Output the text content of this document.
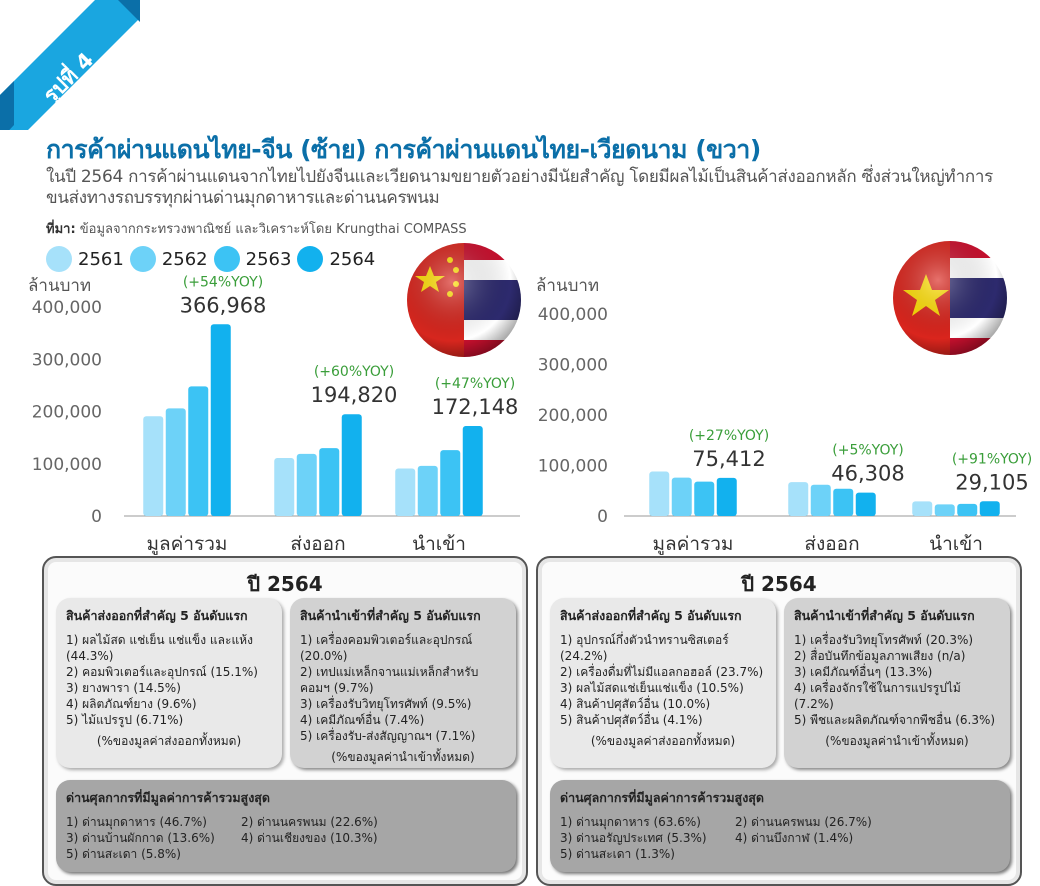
รูปที่ 4
การค้าผ่านแดนไทย-จีน (ซ้าย) การค้าผ่านแดนไทย-เวียดนาม (ขวา)
ในปี 2564 การค้าผ่านแดนจากไทยไปยังจีนและเวียดนามขยายตัวอย่างมีนัยสำคัญ โดยมีผลไม้เป็นสินค้าส่งออกหลัก ซึ่งส่วนใหญ่ทำการขนส่งทางรถบรรทุกผ่านด่านมุกดาหารและด่านนครพนม
ที่มา: ข้อมูลจากกระทรวงพาณิชย์ และวิเคราะห์โดย Krungthai COMPASS
2561 2562 2563 2564
ล้านบาท
0
100,000
200,000
300,000
400,000
มูลค่ารวม
366,968
(+54%YOY)
ส่งออก
194,820
(+60%YOY)
นำเข้า
172,148
(+47%YOY)
ล้านบาท
0
100,000
200,000
300,000
400,000
มูลค่ารวม
75,412
(+27%YOY)
ส่งออก
46,308
(+5%YOY)
นำเข้า
29,105
(+91%YOY)
ปี 2564
สินค้าส่งออกที่สำคัญ 5 อันดับแรก
1) ผลไม้สด แช่เย็น แช่แข็ง และแห้ง (44.3%)
2) คอมพิวเตอร์และอุปกรณ์ (15.1%)
3) ยางพารา (14.5%)
4) ผลิตภัณฑ์ยาง (9.6%)
5) ไม้แปรรูป (6.71%)
(%ของมูลค่าส่งออกทั้งหมด)
สินค้านำเข้าที่สำคัญ 5 อันดับแรก
1) เครื่องคอมพิวเตอร์และอุปกรณ์ (20.0%)
2) เทปแม่เหล็กจานแม่เหล็กสำหรับคอมฯ (9.7%)
3) เครื่องรับวิทยุโทรศัพท์ (9.5%)
4) เคมีภัณฑ์อื่น (7.4%)
5) เครื่องรับ-ส่งสัญญาณฯ (7.1%)
(%ของมูลค่านำเข้าทั้งหมด)
ด่านศุลกากรที่มีมูลค่าการค้ารวมสูงสุด
1) ด่านมุกดาหาร (46.7%)	2) ด่านนครพนม (22.6%)
3) ด่านบ้านผักกาด (13.6%)	4) ด่านเชียงของ (10.3%)
5) ด่านสะเดา (5.8%)
ปี 2564
สินค้าส่งออกที่สำคัญ 5 อันดับแรก
1) อุปกรณ์กึ่งตัวนำทรานซิสเตอร์ (24.2%)
2) เครื่องดื่มที่ไม่มีแอลกอฮอล์ (23.7%)
3) ผลไม้สดแช่เย็นแช่แข็ง (10.5%)
4) สินค้าปศุสัตว์อื่น (10.0%)
5) สินค้าปศุสัตว์อื่น (4.1%)
(%ของมูลค่าส่งออกทั้งหมด)
สินค้านำเข้าที่สำคัญ 5 อันดับแรก
1) เครื่องรับวิทยุโทรศัพท์ (20.3%)
2) สื่อบันทึกข้อมูลภาพเสียง (n/a)
3) เคมีภัณฑ์อื่นๆ (13.3%)
4) เครื่องจักรใช้ในการแปรรูปไม้ (7.2%)
5) พืชและผลิตภัณฑ์จากพืชอื่น (6.3%)
(%ของมูลค่านำเข้าทั้งหมด)
ด่านศุลกากรที่มีมูลค่าการค้ารวมสูงสุด
1) ด่านมุกดาหาร (63.6%)	2) ด่านนครพนม (26.7%)
3) ด่านอรัญประเทศ (5.3%)	4) ด่านบึงกาฬ (1.4%)
5) ด่านสะเดา (1.3%)
